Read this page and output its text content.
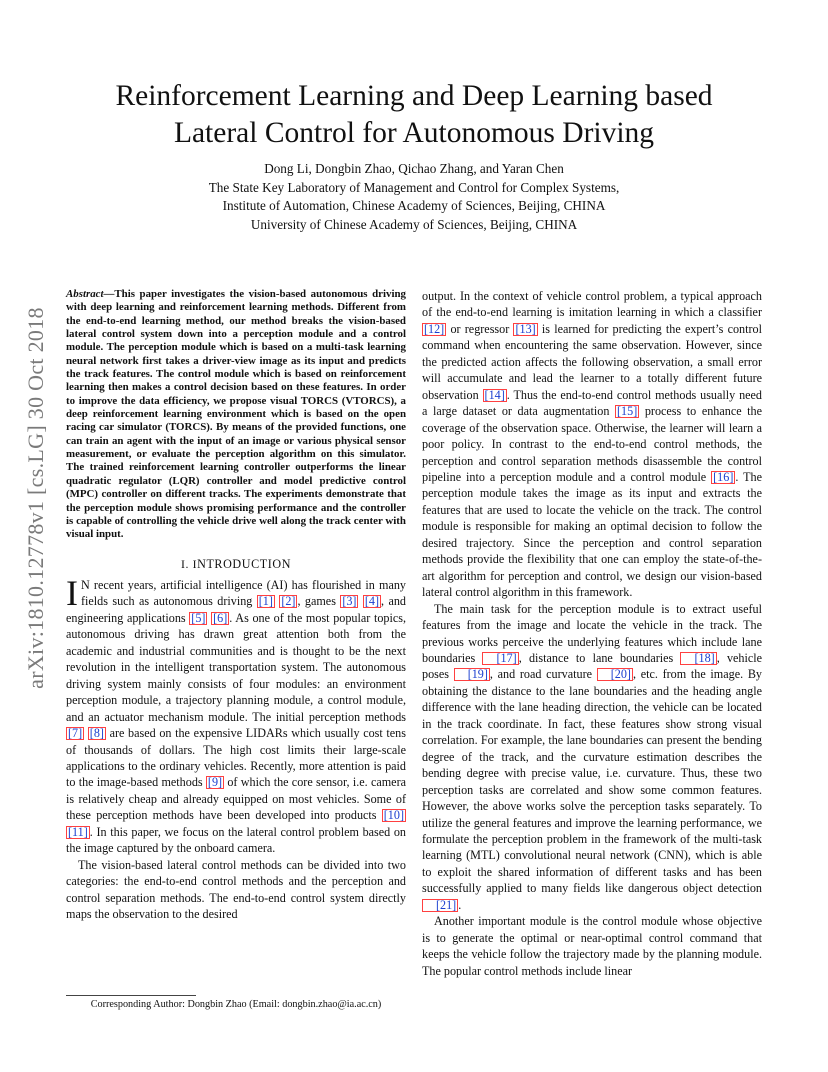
Reinforcement Learning and Deep Learning based
Lateral Control for Autonomous Driving
Dong Li, Dongbin Zhao, Qichao Zhang, and Yaran Chen
The State Key Laboratory of Management and Control for Complex Systems,
Institute of Automation, Chinese Academy of Sciences, Beijing, CHINA
University of Chinese Academy of Sciences, Beijing, CHINA
arXiv:1810.12778v1 [cs.LG] 30 Oct 2018

Abstract—This paper investigates the vision-based autonomous driving with deep learning and reinforcement learning methods. Different from the end-to-end learning method, our method breaks the vision-based lateral control system down into a perception module and a control module. The perception module which is based on a multi-task learning neural network first takes a driver-view image as its input and predicts the track features. The control module which is based on reinforcement learning then makes a control decision based on these features. In order to improve the data efficiency, we propose visual TORCS (VTORCS), a deep reinforcement learning environment which is based on the open racing car simulator (TORCS). By means of the provided functions, one can train an agent with the input of an image or various physical sensor measurement, or evaluate the perception algorithm on this simulator. The trained reinforcement learning controller outperforms the linear quadratic regulator (LQR) controller and model predictive control (MPC) controller on different tracks. The experiments demonstrate that the perception module shows promising performance and the controller is capable of controlling the vehicle drive well along the track center with visual input.

I. INTRODUCTION

I N recent years, artificial intelligence (AI) has flourished in many fields such as autonomous driving [1] [2] , games [3] [4] , and engineering applications [5] [6] . As one of the most popular topics, autonomous driving has drawn great attention both from the academic and industrial communities and is thought to be the next revolution in the intelligent transportation system. The autonomous driving system mainly consists of four modules: an environment perception module, a trajectory planning module, a control module, and an actuator mechanism module. The initial perception methods [7] [8] are based on the expensive LIDARs which usually cost tens of thousands of dollars. The high cost limits their large-scale applications to the ordinary vehicles. Recently, more attention is paid to the image-based methods [9] of which the core sensor, i.e. camera is relatively cheap and already equipped on most vehicles. Some of these perception methods have been developed into products [10] [11] . In this paper, we focus on the lateral control problem based on the image captured by the onboard camera.

The vision-based lateral control methods can be divided into two categories: the end-to-end control methods and the perception and control separation methods. The end-to-end control system directly maps the observation to the desired

output. In the context of vehicle control problem, a typical approach of the end-to-end learning is imitation learning in which a classifier [12] or regressor [13] is learned for predicting the expert’s control command when encountering the same observation. However, since the predicted action affects the following observation, a small error will accumulate and lead the learner to a totally different future observation [14] . Thus the end-to-end control methods usually need a large dataset or data augmentation [15] process to enhance the coverage of the observation space. Otherwise, the learner will learn a poor policy. In contrast to the end-to-end control methods, the perception and control separation methods disassemble the control pipeline into a perception module and a control module [16] . The perception module takes the image as its input and extracts the features that are used to locate the vehicle on the track. The control module is responsible for making an optimal decision to follow the desired trajectory. Since the perception and control separation methods provide the flexibility that one can employ the state-of-the-art algorithm for perception and control, we design our vision-based lateral control algorithm in this framework.

The main task for the perception module is to extract useful features from the image and locate the vehicle in the track. The previous works perceive the underlying features which include lane boundaries [17] , distance to lane boundaries [18] , vehicle poses [19] , and road curvature [20] , etc. from the image. By obtaining the distance to the lane boundaries and the heading angle difference with the lane heading direction, the vehicle can be located in the track coordinate. In fact, these features show strong visual correlation. For example, the lane boundaries can present the bending degree of the track, and the curvature estimation describes the bending degree with precise value, i.e. curvature. Thus, these two perception tasks are correlated and show some common features. However, the above works solve the perception tasks separately. To utilize the general features and improve the learning performance, we formulate the perception problem in the framework of the multi-task learning (MTL) convolutional neural network (CNN), which is able to exploit the shared information of different tasks and has been successfully applied to many fields like dangerous object detection [21] .

Another important module is the control module whose objective is to generate the optimal or near-optimal control command that keeps the vehicle follow the trajectory made by the planning module. The popular control methods include linear

Corresponding Author: Dongbin Zhao (Email: dongbin.zhao@ia.ac.cn)
